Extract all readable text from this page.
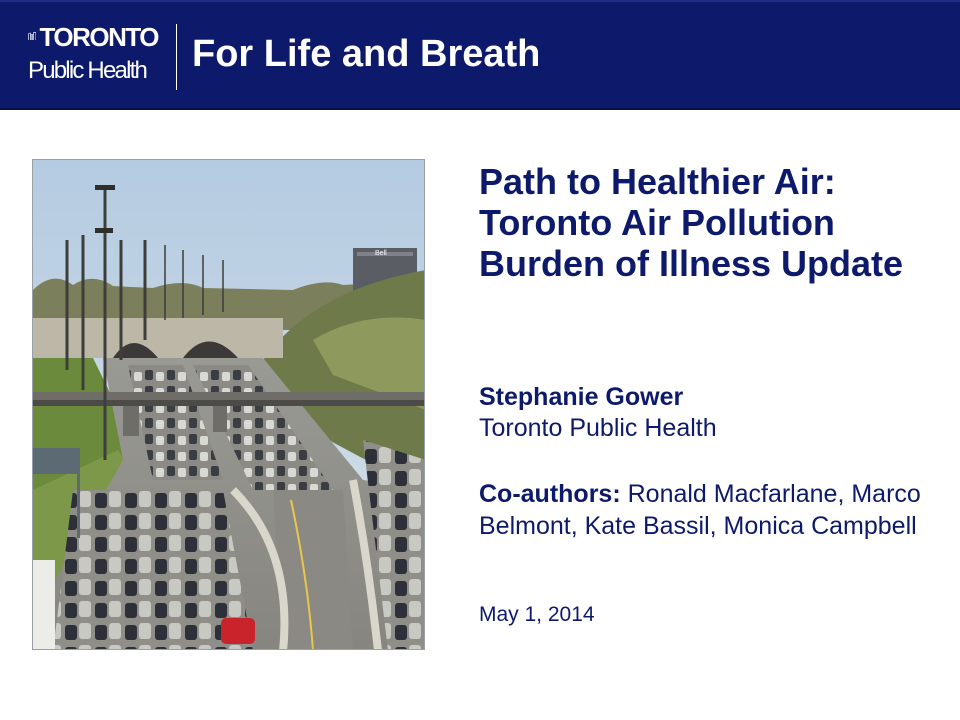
TORONTO
Public Health	For Life and Breath
Bell
Path to Healthier Air:
Toronto Air Pollution
Burden of Illness Update
Stephanie Gower
Toronto Public Health
Co-authors: Ronald Macfarlane, Marco Belmont, Kate Bassil, Monica Campbell
May 1, 2014
